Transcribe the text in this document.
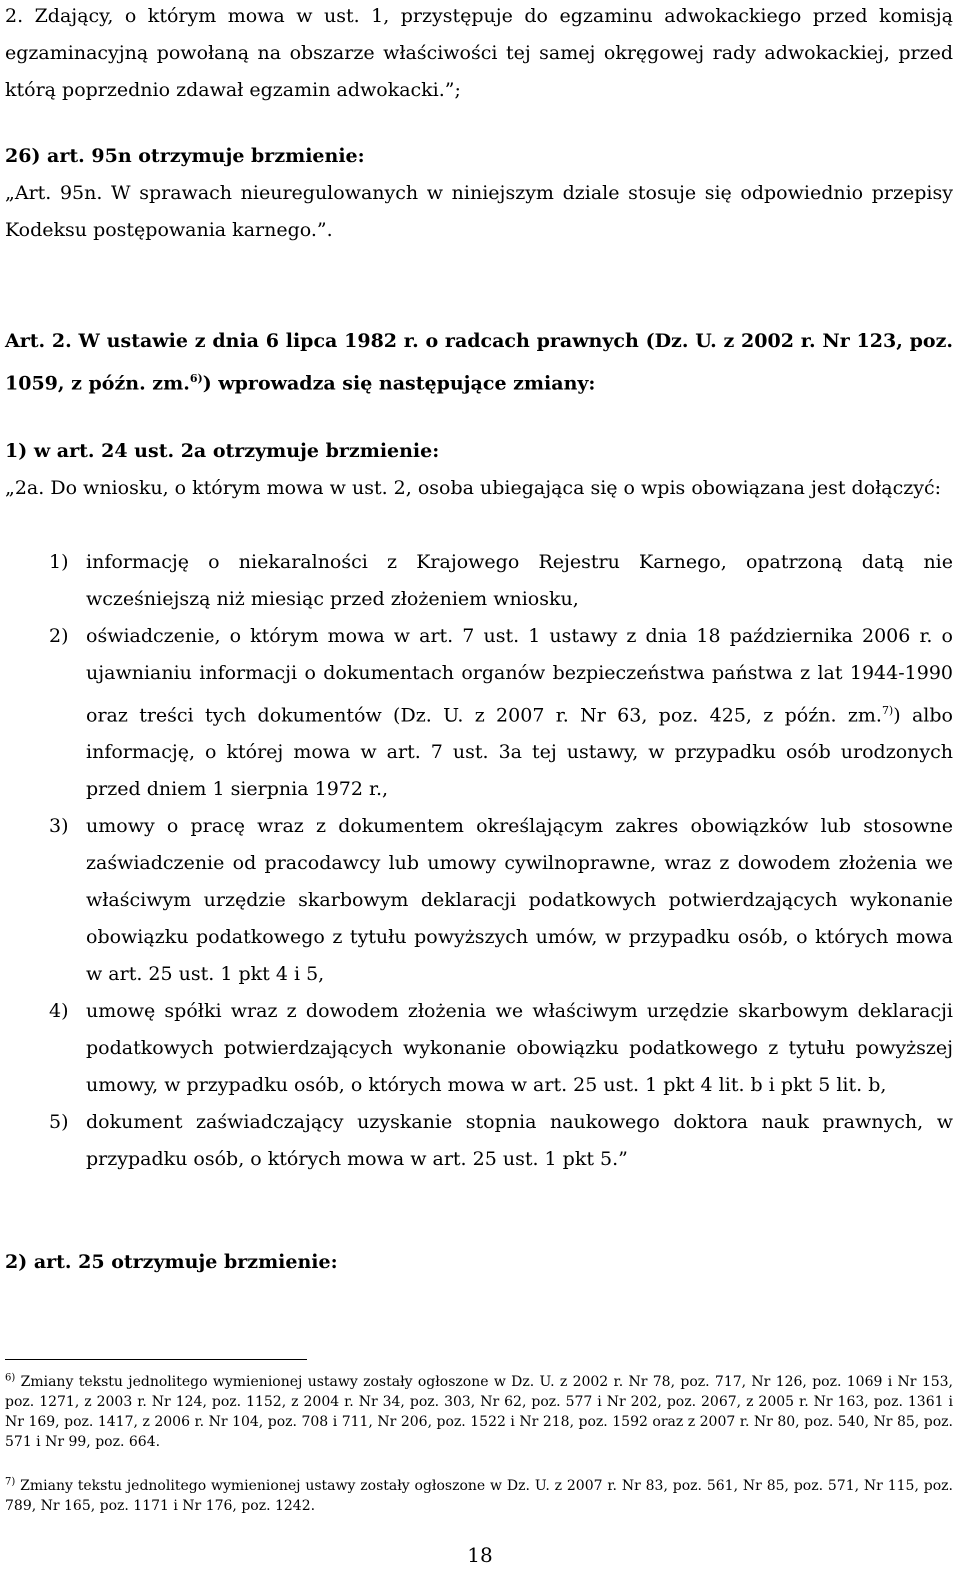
2. Zdający, o którym mowa w ust. 1, przystępuje do egzaminu adwokackiego przed komisją egzaminacyjną powołaną na obszarze właściwości tej samej okręgowej rady adwokackiej, przed którą poprzednio zdawał egzamin adwokacki.”;

26) art. 95n otrzymuje brzmienie:

„Art. 95n. W sprawach nieuregulowanych w niniejszym dziale stosuje się odpowiednio przepisy Kodeksu postępowania karnego.”.

Art. 2. W ustawie z dnia 6 lipca 1982 r. o radcach prawnych (Dz. U. z 2002 r. Nr 123, poz. 1059, z późn. zm.$^{6)}$) wprowadza się następujące zmiany:

1) w art. 24 ust. 2a otrzymuje brzmienie:

„2a. Do wniosku, o którym mowa w ust. 2, osoba ubiegająca się o wpis obowiązana jest dołączyć:

1) informację o niekaralności z Krajowego Rejestru Karnego, opatrzoną datą nie wcześniejszą niż miesiąc przed złożeniem wniosku,
2) oświadczenie, o którym mowa w art. 7 ust. 1 ustawy z dnia 18 października 2006 r. o ujawnianiu informacji o dokumentach organów bezpieczeństwa państwa z lat 1944-1990 oraz treści tych dokumentów (Dz. U. z 2007 r. Nr 63, poz. 425, z późn. zm.$^{7)}$) albo informację, o której mowa w art. 7 ust. 3a tej ustawy, w przypadku osób urodzonych przed dniem 1 sierpnia 1972 r.,
3) umowy o pracę wraz z dokumentem określającym zakres obowiązków lub stosowne zaświadczenie od pracodawcy lub umowy cywilnoprawne, wraz z dowodem złożenia we właściwym urzędzie skarbowym deklaracji podatkowych potwierdzających wykonanie obowiązku podatkowego z tytułu powyższych umów, w przypadku osób, o których mowa w art. 25 ust. 1 pkt 4 i 5,
4) umowę spółki wraz z dowodem złożenia we właściwym urzędzie skarbowym deklaracji podatkowych potwierdzających wykonanie obowiązku podatkowego z tytułu powyższej umowy, w przypadku osób, o których mowa w art. 25 ust. 1 pkt 4 lit. b i pkt 5 lit. b,
5) dokument zaświadczający uzyskanie stopnia naukowego doktora nauk prawnych, w przypadku osób, o których mowa w art. 25 ust. 1 pkt 5.”

2) art. 25 otrzymuje brzmienie:

$^{6)}$ Zmiany tekstu jednolitego wymienionej ustawy zostały ogłoszone w Dz. U. z 2002 r. Nr 78, poz. 717, Nr 126, poz. 1069 i Nr 153, poz. 1271, z 2003 r. Nr 124, poz. 1152, z 2004 r. Nr 34, poz. 303, Nr 62, poz. 577 i Nr 202, poz. 2067, z 2005 r. Nr 163, poz. 1361 i Nr 169, poz. 1417, z 2006 r. Nr 104, poz. 708 i 711, Nr 206, poz. 1522 i Nr 218, poz. 1592 oraz z 2007 r. Nr 80, poz. 540, Nr 85, poz. 571 i Nr 99, poz. 664.

$^{7)}$ Zmiany tekstu jednolitego wymienionej ustawy zostały ogłoszone w Dz. U. z 2007 r. Nr 83, poz. 561, Nr 85, poz. 571, Nr 115, poz. 789, Nr 165, poz. 1171 i Nr 176, poz. 1242.

18
